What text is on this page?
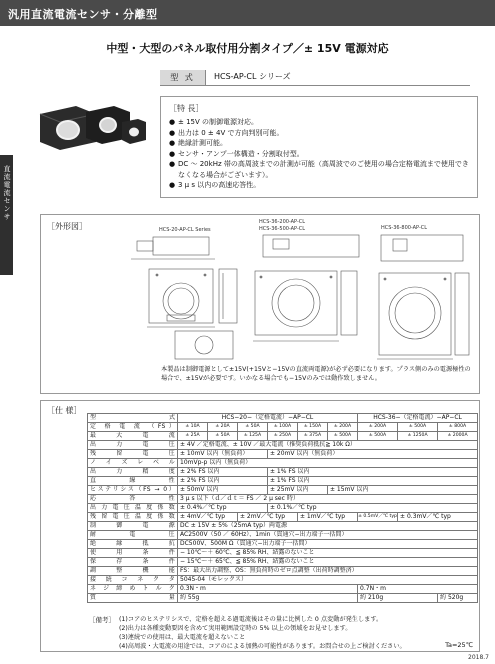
汎用直流電流センサ・分離型
直流電流センサ
中型・大型のパネル取付用分割タイプ／± 15V 電源対応
型 式	HCS-AP-CL シリーズ
［特 長］
● ± 15V の制御電源対応。
● 出力は 0 ± 4V で方向判別可能。
● 絶縁計測可能。
● センサ・アンプ一体構造・分割取付型。
● DC 〜 20kHz 帯の高周波までの計測が可能（高周波でのご使用の場合定格電流まで使用できなくなる場合がございます）。
● 3 μ s 以内の高速応答性。
［外形図］	HCS-20-AP-CL Series
HCS-36-200-AP-CL
HCS-36-500-AP-CL	HCS-36-800-AP-CL
本製品は制御電源として±15V(+15Vと−15Vの直流両電源)が必ず必要になります。プラス側のみの電源極性の場合で、±15Vが必要です。いかなる場合でも−15Vのみでは動作致しません。
［仕 様］
型 式	HCS−20−（定格電流）−AP−CL						HCS-36−（定格電流）−AP−CL		
定 格 電 流 （FS）	± 10A	± 20A	± 50A	± 100A	± 150A	± 200A	± 200A	± 500A	± 800A
最 大 電 流	± 25A	± 50A	± 125A	± 250A	± 375A	± 500A	± 500A	± 1250A	± 2000A
出 力 電 圧	± 4V ／定格電流、± 10V ／最大電流（推奨負荷抵抗≧ 10k Ω）								
残 留 電 圧	± 10mV 以内（無負荷）			± 20mV 以内（無負荷）					
ノ イ ズ レ ベ ル	10mVp-p 以内（無負荷）								
出 力 精 度	± 2% FS 以内			± 1% FS 以内					
直 線 性	± 2% FS 以内			± 1% FS 以内					
ヒステリシス（FS → 0）	± 50mV 以内			± 25mV 以内		± 15mV 以内			
応 答 性	3 μ s 以下（ｄ／ｄｔ＝ FS ／ 2 μ sec 時）								
出力電圧温度係数	± 0.4%／℃ typ			± 0.1%／℃ typ					
残留電圧温度係数	± 4mV／℃ typ		± 2mV／℃ typ		± 1mV／℃ typ		± 0.5mV／℃ typ	± 0.3mV／℃ typ	
制 御 電 源	DC ± 15V ± 5%（25mA typ）両電源								
耐 電 圧	AC2500V（50 ／ 60Hz）、1min（貫通穴−出力端子一括間）								
絶 縁 抵 抗	DC500V、500M Ω（貫通穴−出力端子一括間）								
使 用 条 件	− 10℃〜＋ 60℃、≦ 85% RH、結露のないこと								
保 存 条 件	− 15℃〜＋ 65℃、≦ 85% RH、結露のないこと								
調 整 機 能	FS：最大出力調整、OS：無負荷時のゼロ点調整（出荷時調整済）								
接 続 コ ネ ク タ	5045-04（モレックス）								
ネ ジ 締 め ト ル ク	0.3N・m						0.7N・m		
質 量	約 55g						約 210g		約 520g
［備考］ (1)コアのヒステリシスで、定格を超える過電流後はその量に比例した 0 点変動が発生します。
(2)出力は各種変動要因を含めて実用範囲設定時の 5% 以上の領域をお見せします。
(3)連続での使用は、最大電流を超えないこと
(4)高周波・大電流の用途では、コアのによる加熱の可能性があります。お問合せの上ご検討ください。	Ta=25℃
2018.7
